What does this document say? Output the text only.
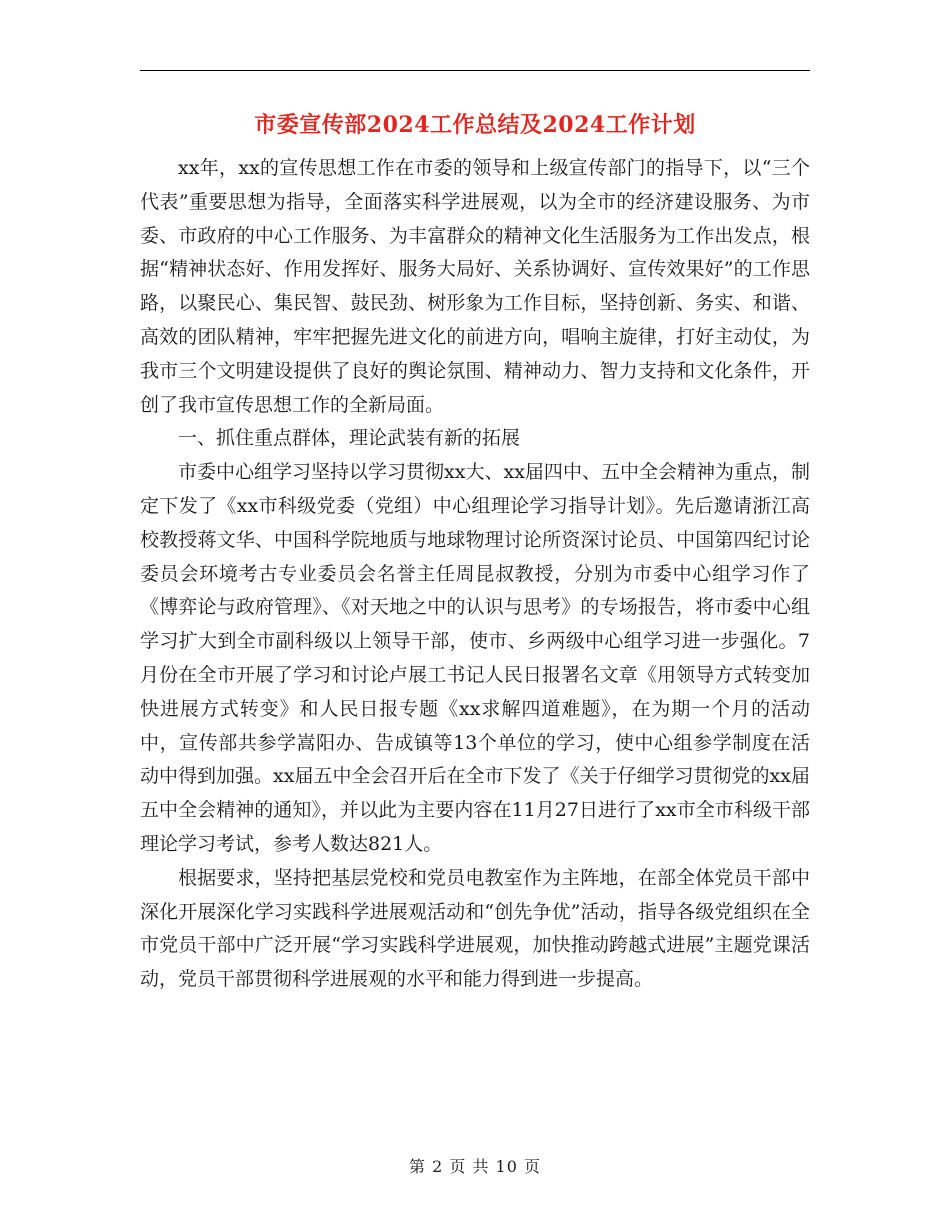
市委宣传部2024工作总结及2024工作计划

xx年，xx的宣传思想工作在市委的领导和上级宣传部门的指导下，以“三个代表”重要思想为指导，全面落实科学进展观，以为全市的经济建设服务、为市委、市政府的中心工作服务、为丰富群众的精神文化生活服务为工作出发点，根据“精神状态好、作用发挥好、服务大局好、关系协调好、宣传效果好”的工作思路，以聚民心、集民智、鼓民劲、树形象为工作目标，坚持创新、务实、和谐、高效的团队精神，牢牢把握先进文化的前进方向，唱响主旋律，打好主动仗，为我市三个文明建设提供了良好的舆论氛围、精神动力、智力支持和文化条件，开创了我市宣传思想工作的全新局面。

一、抓住重点群体，理论武装有新的拓展

市委中心组学习坚持以学习贯彻xx大、xx届四中、五中全会精神为重点，制定下发了《xx市科级党委（党组）中心组理论学习指导计划》。先后邀请浙江高校教授蒋文华、中国科学院地质与地球物理讨论所资深讨论员、中国第四纪讨论委员会环境考古专业委员会名誉主任周昆叔教授，分别为市委中心组学习作了《博弈论与政府管理》、《对天地之中的认识与思考》的专场报告，将市委中心组学习扩大到全市副科级以上领导干部，使市、乡两级中心组学习进一步强化。7月份在全市开展了学习和讨论卢展工书记人民日报署名文章《用领导方式转变加快进展方式转变》和人民日报专题《xx求解四道难题》，在为期一个月的活动中，宣传部共参学嵩阳办、告成镇等13个单位的学习，使中心组参学制度在活动中得到加强。xx届五中全会召开后在全市下发了《关于仔细学习贯彻党的xx届五中全会精神的通知》，并以此为主要内容在11月27日进行了xx市全市科级干部理论学习考试，参考人数达821人。

根据要求，坚持把基层党校和党员电教室作为主阵地，在部全体党员干部中深化开展深化学习实践科学进展观活动和“创先争优”活动，指导各级党组织在全市党员干部中广泛开展“学习实践科学进展观，加快推动跨越式进展”主题党课活动，党员干部贯彻科学进展观的水平和能力得到进一步提高。

第 2 页 共 10 页
